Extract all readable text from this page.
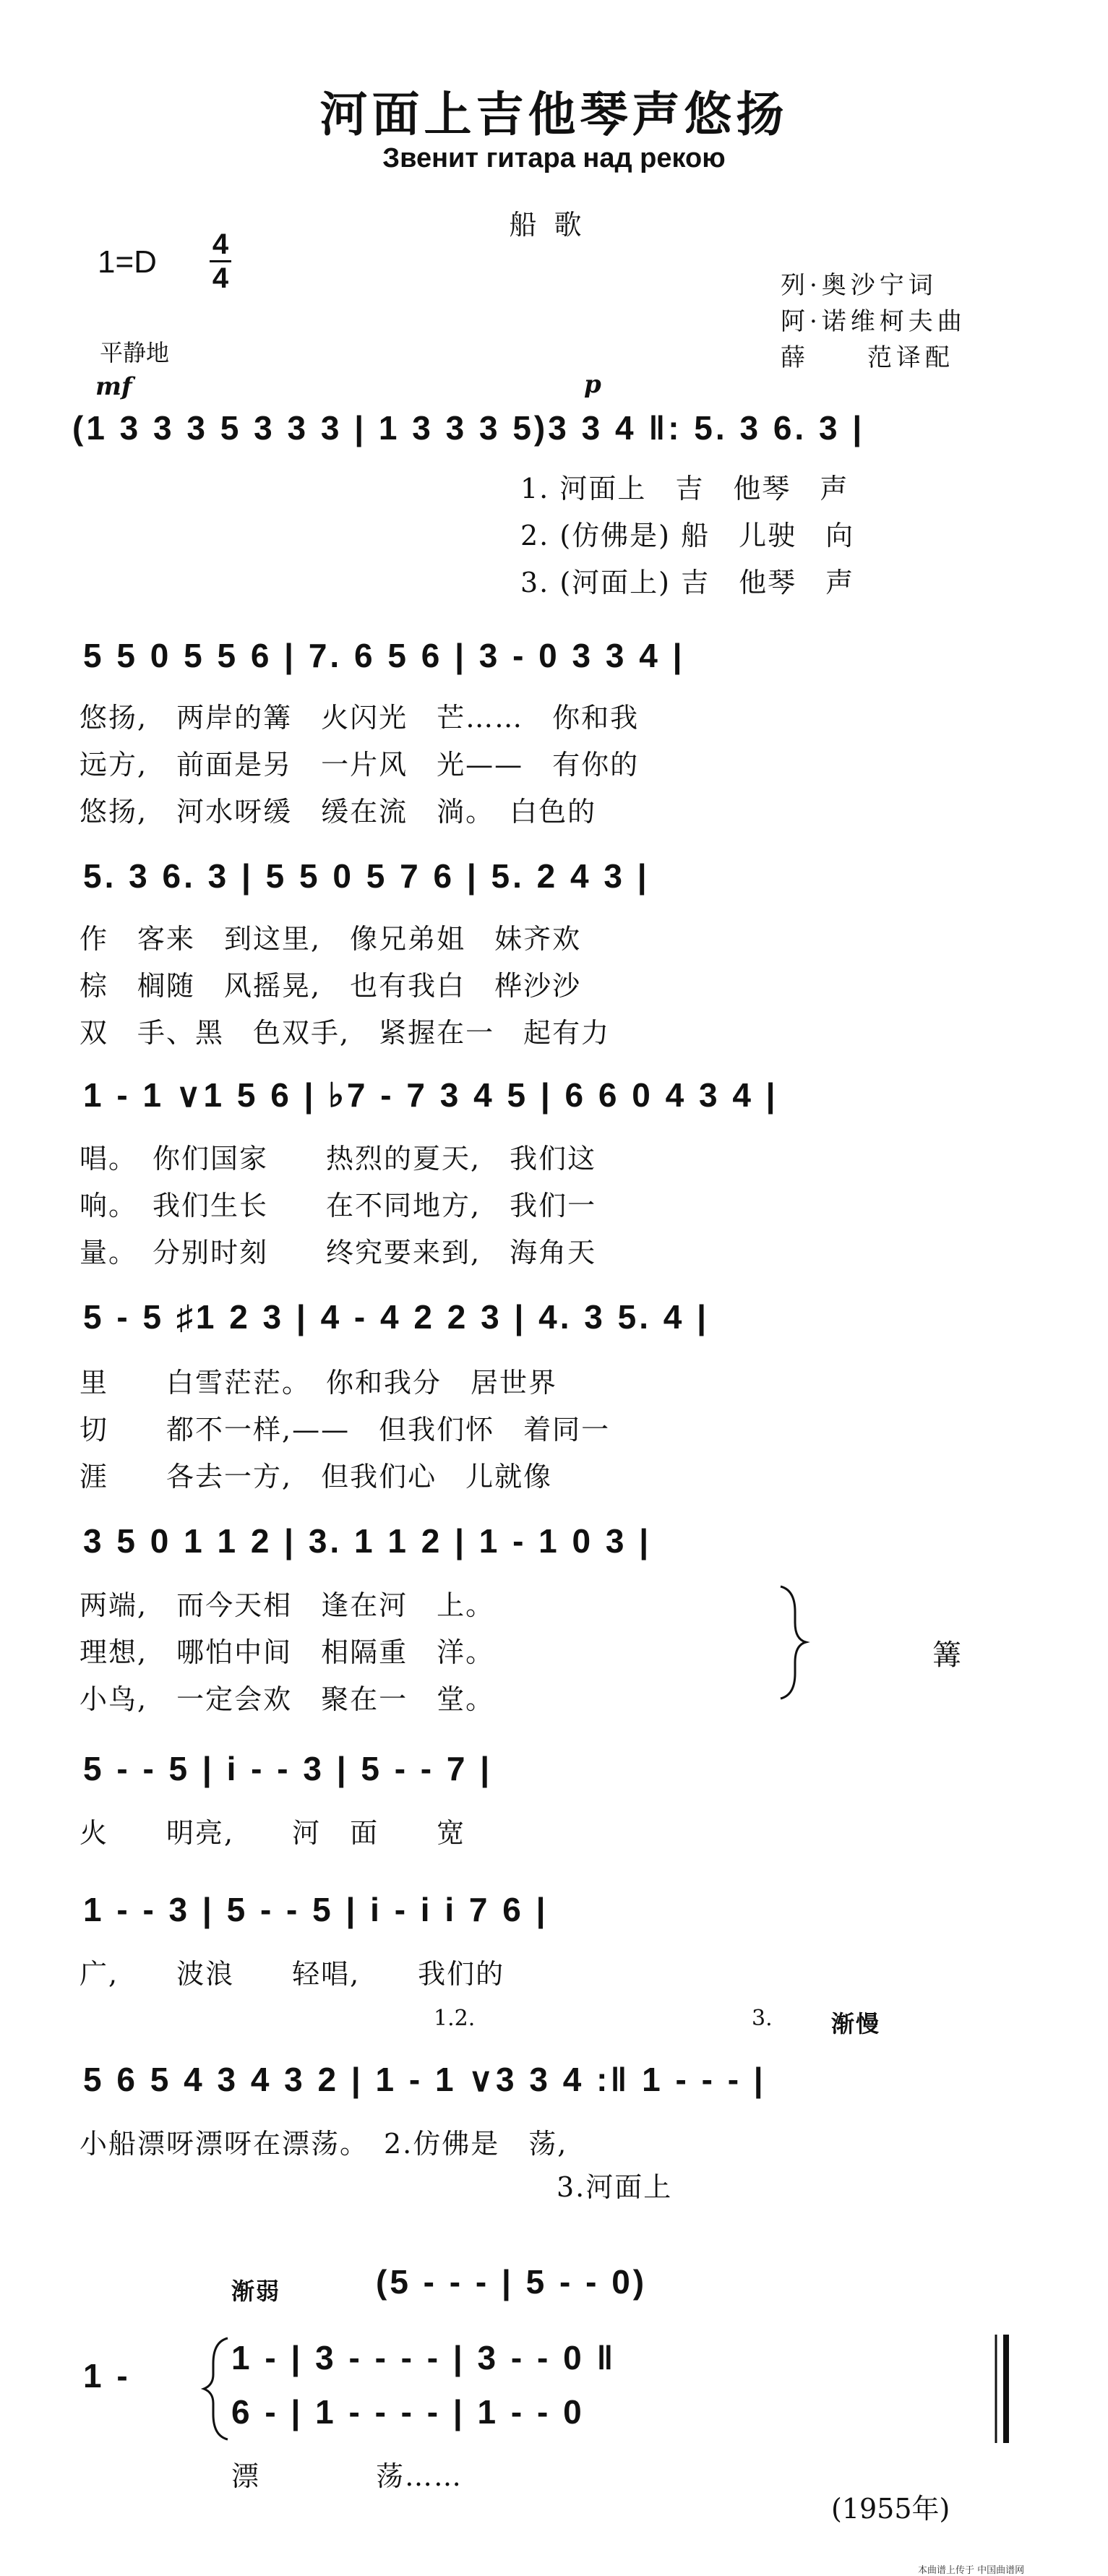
河面上吉他琴声悠扬
Звенит гитара над рекою
船歌
1=D 4
4	列·奥沙宁词
阿·诺维柯夫曲
薛　　范译配
平静地
mf	p
(1 3 3 3 5 3 3 3 | 1 3 3 3 5)3 3 4 ‖: 5. 3 6. 3 |
1. 河面上　吉　他琴　声
2. (仿佛是) 船　儿驶　向
3. (河面上) 吉　他琴　声
5 5 0 5 5 6 | 7. 6 5 6 | 3 - 0 3 3 4 |
悠扬,　两岸的篝　火闪光　芒……　你和我
远方,　前面是另　一片风　光——　有你的
悠扬,　河水呀缓　缓在流　淌。　白色的
5. 3 6. 3 | 5 5 0 5 7 6 | 5. 2 4 3 |
作　客来　到这里,　像兄弟姐　妹齐欢
棕　榈随　风摇晃,　也有我白　桦沙沙
双　手、黑　色双手,　紧握在一　起有力
1 - 1 ∨1 5 6 | ♭7 - 7 3 4 5 | 6 6 0 4 3 4 |
唱。　你们国家　　热烈的夏天,　我们这
响。　我们生长　　在不同地方,　我们一
量。　分别时刻　　终究要来到,　海角天
5 - 5 ♯1 2 3 | 4 - 4 2 2 3 | 4. 3 5. 4 |
里　　白雪茫茫。　你和我分　居世界
切　　都不一样,——　但我们怀　着同一
涯　　各去一方,　但我们心　儿就像
3 5 0 1 1 2 | 3. 1 1 2 | 1 - 1 0 3 |
两端,　而今天相　逢在河　上。
理想,　哪怕中间　相隔重　洋。
小鸟,　一定会欢　聚在一　堂。
篝
5 - - 5 | i - - 3 | 5 - - 7 |
火　　明亮,　　河　面　　宽
1 - - 3 | 5 - - 5 | i - i i 7 6 |
广,　　波浪　　轻唱,　　我们的
1.2.	3.	渐慢
5 6 5 4 3 4 3 2 | 1 - 1 ∨3 3 4 :‖ 1 - - - |
小船漂呀漂呀在漂荡。　2.仿佛是　荡,
3.河面上
渐弱	(5 - - - | 5 - - 0)
1 -	1 - | 3 - - - - | 3 - - 0 ‖
6 - | 1 - - - - | 1 - - 0
漂　　　　荡……
(1955年)
本曲谱上传于 中国曲谱网
